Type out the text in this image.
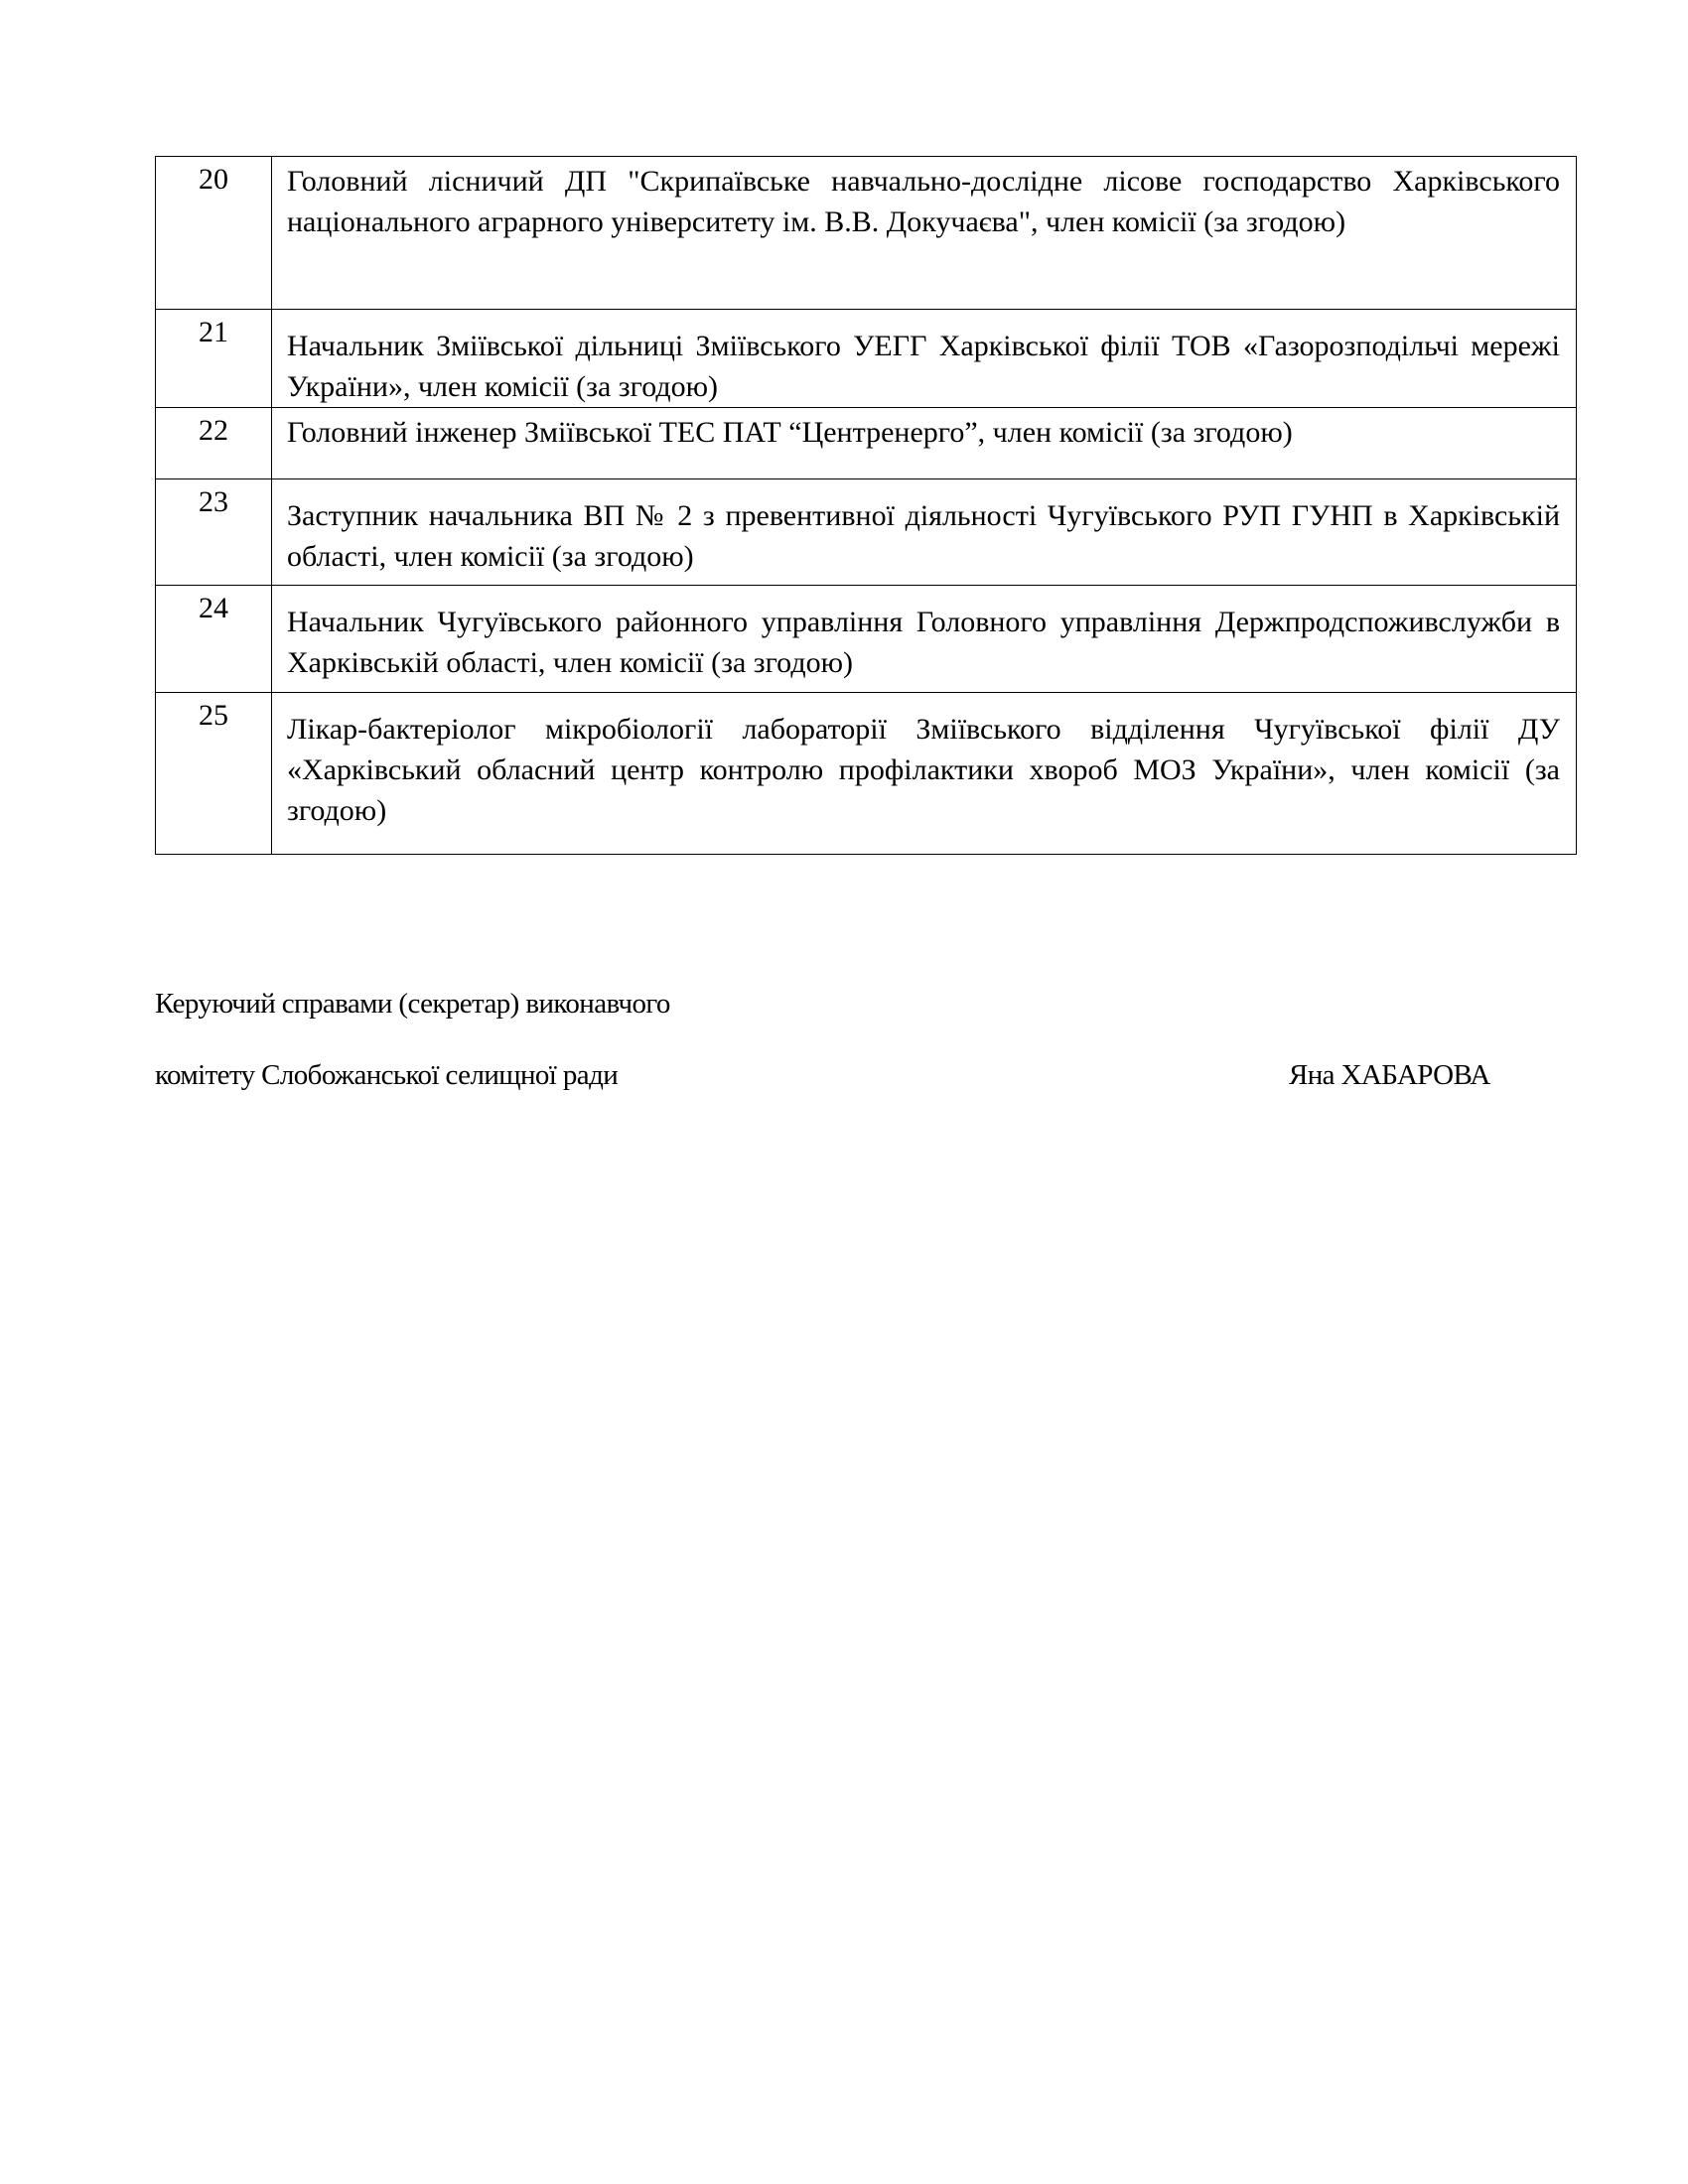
20	Головний лісничий ДП "Скрипаївське навчально-дослідне лісове господарство Харківського національного аграрного університету ім. В.В. Докучаєва", член комісії (за згодою)

21	Начальник Зміївської дільниці Зміївського УЕГГ Харківської філії ТОВ «Газорозподільчі мережі України», член комісії (за згодою)

22	Головний інженер Зміївської ТЕС ПАТ “Центренерго”, член комісії (за згодою)

23	Заступник начальника ВП № 2 з превентивної діяльності Чугуївського РУП ГУНП в Харківській області, член комісії (за згодою)

24	Начальник Чугуївського районного управління Головного управління Держпродспоживслужби в Харківській області, член комісії (за згодою)

25	Лікар-бактеріолог мікробіології лабораторії Зміївського відділення Чугуївської філії ДУ «Харківський обласний центр контролю профілактики хвороб МОЗ України», член комісії (за згодою)
Керуючий справами (секретар) виконавчого
комітету Слобожанської селищної ради	Яна ХАБАРОВА
